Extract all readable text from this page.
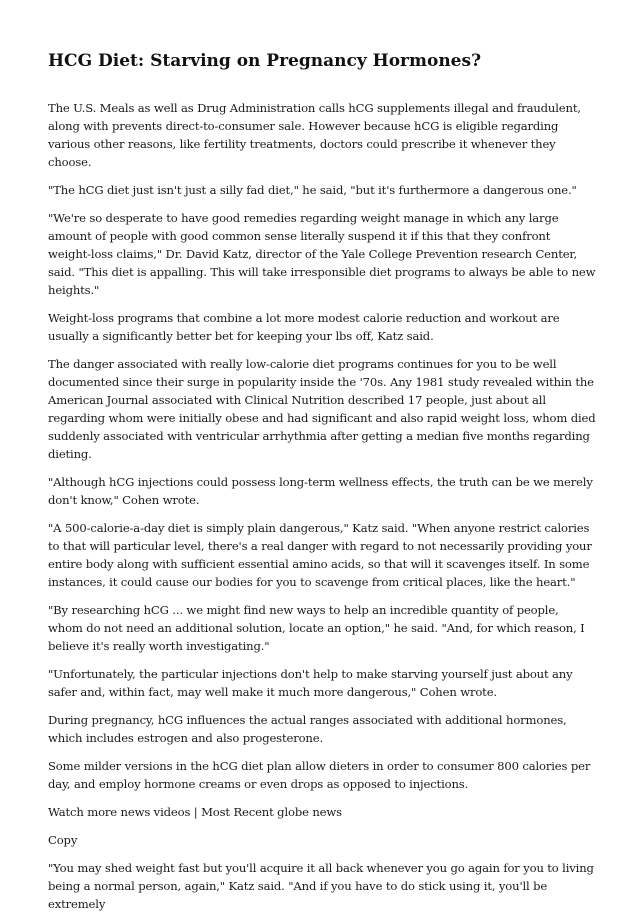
HCG Diet: Starving on Pregnancy Hormones?

The U.S. Meals as well as Drug Administration calls hCG supplements illegal and fraudulent, along with prevents direct-to-consumer sale. However because hCG is eligible regarding various other reasons, like fertility treatments, doctors could prescribe it whenever they choose.

"The hCG diet just isn't just a silly fad diet," he said, "but it's furthermore a dangerous one."

"We're so desperate to have good remedies regarding weight manage in which any large amount of people with good common sense literally suspend it if this that they confront weight-loss claims," Dr. David Katz, director of the Yale College Prevention research Center, said. "This diet is appalling. This will take irresponsible diet programs to always be able to new heights."

Weight-loss programs that combine a lot more modest calorie reduction and workout are usually a significantly better bet for keeping your lbs off, Katz said.

The danger associated with really low-calorie diet programs continues for you to be well documented since their surge in popularity inside the '70s. Any 1981 study revealed within the American Journal associated with Clinical Nutrition described 17 people, just about all regarding whom were initially obese and had significant and also rapid weight loss, whom died suddenly associated with ventricular arrhythmia after getting a median five months regarding dieting.

"Although hCG injections could possess long-term wellness effects, the truth can be we merely don't know," Cohen wrote.

"A 500-calorie-a-day diet is simply plain dangerous," Katz said. "When anyone restrict calories to that will particular level, there's a real danger with regard to not necessarily providing your entire body along with sufficient essential amino acids, so that will it scavenges itself. In some instances, it could cause our bodies for you to scavenge from critical places, like the heart."

"By researching hCG ... we might find new ways to help an incredible quantity of people, whom do not need an additional solution, locate an option," he said. "And, for which reason, I believe it's really worth investigating."

"Unfortunately, the particular injections don't help to make starving yourself just about any safer and, within fact, may well make it much more dangerous," Cohen wrote.

During pregnancy, hCG influences the actual ranges associated with additional hormones, which includes estrogen and also progesterone.

Some milder versions in the hCG diet plan allow dieters in order to consumer 800 calories per day, and employ hormone creams or even drops as opposed to injections.

Watch more news videos | Most Recent globe news

Copy

"You may shed weight fast but you'll acquire it all back whenever you go again for you to living being a normal person, again," Katz said. "And if you have to do stick using it, you'll be extremely
